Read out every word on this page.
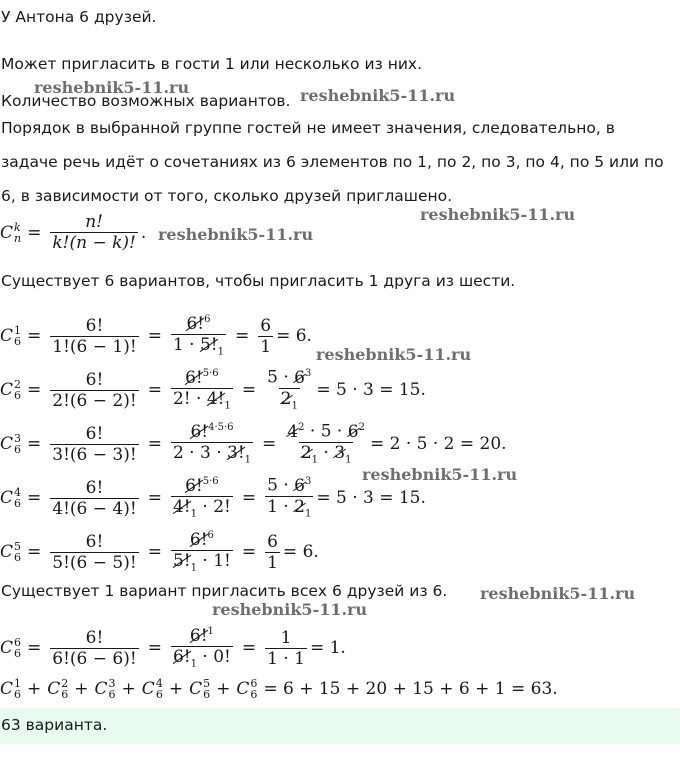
У Антона 6 друзей.
Может пригласить в гости 1 или несколько из них.
Количество возможных вариантов.
Порядок в выбранной группе гостей не имеет значения, следовательно, в
задаче речь идёт о сочетаниях из 6 элементов по 1, по 2, по 3, по 4, по 5 или по
6, в зависимости от того, сколько друзей приглашено.
C k
$n = \frac{n!}{k!(n - k)!}$ .
Существует 6 вариантов, чтобы пригласить 1 друга из шести.
C 1
$6 = \frac{6!}{1!(6 - 1)!} = \frac{6!^6}{1 \cdot 5!_1} = \frac{6}{1} = 6$.
C 2
$6 = \frac{6!}{2!(6 - 2)!} = \frac{6!^{5\cdot 6}}{2! \cdot 4!_1} = \frac{5 \cdot 6^3}{2_1} = 5 \cdot 3 = 15$.
C 3
$6 = \frac{6!}{3!(6 - 3)!} = \frac{6!^{4\cdot 5\cdot 6}}{2 \cdot 3 \cdot 3!_1} = \frac{4^2 \cdot 5 \cdot 6^2}{2_1 \cdot 3_1} = 2 \cdot 5 \cdot 2 = 20$.
C 4
$6 = \frac{6!}{4!(6 - 4)!} = \frac{6!^{5\cdot 6}}{4!_1 \cdot 2!} = \frac{5 \cdot 6^3}{1 \cdot 2_1} = 5 \cdot 3 = 15$.
C 5
$6 = \frac{6!}{5!(6 - 5)!} = \frac{6!^6}{5!_1 \cdot 1!} = \frac{6}{1} = 6$.
Существует 1 вариант пригласить всех 6 друзей из 6.
C 6
$6 = \frac{6!}{6!(6 - 6)!} = \frac{6!^1}{6!_1 \cdot 0!} = \frac{1}{1 \cdot 1} = 1$.
C 1
6 + C 2
6 + C 3
6 + C 4
6 + C 5
6 + C 6
6 = 6 + 15 + 20 + 15 + 6 + 1 = 63.
63 варианта.
reshebnik5-11.ru	reshebnik5-11.ru
reshebnik5-11.ru
reshebnik5-11.ru
reshebnik5-11.ru
reshebnik5-11.ru
reshebnik5-11.ru
reshebnik5-11.ru
